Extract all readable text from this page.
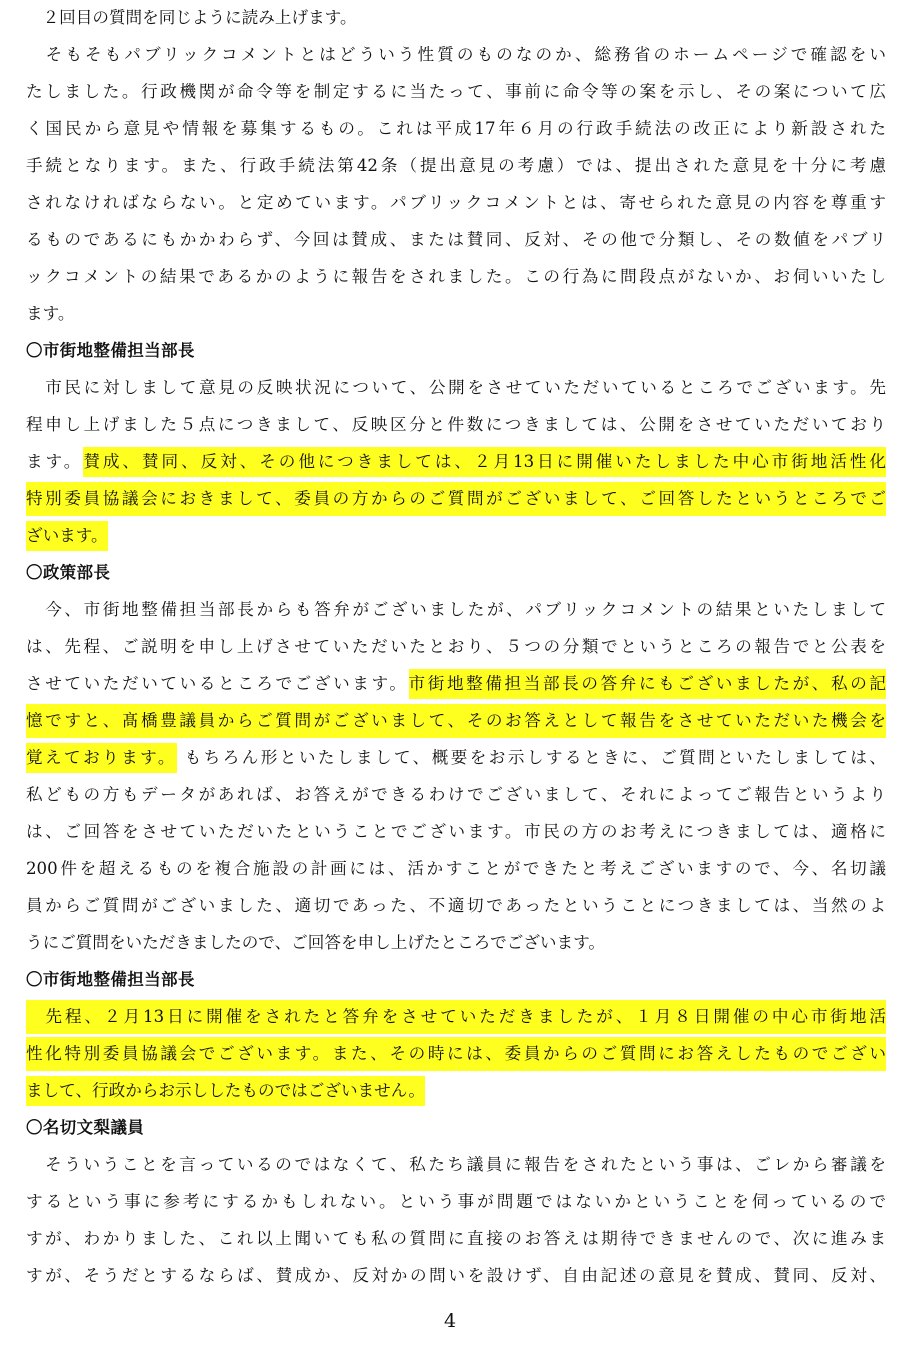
　２回目の質問を同じように読み上げます。
　そもそもパブリックコメントとはどういう性質のものなのか、総務省のホームページで確認をい
たしました。行政機関が命令等を制定するに当たって、事前に命令等の案を示し、その案について広
く国民から意見や情報を募集するもの。これは平成17年６月の行政手続法の改正により新設された
手続となります。また、行政手続法第42条（提出意見の考慮）では、提出された意見を十分に考慮
されなければならない。と定めています。パブリックコメントとは、寄せられた意見の内容を尊重す
るものであるにもかかわらず、今回は賛成、または賛同、反対、その他で分類し、その数値をパブリ
ックコメントの結果であるかのように報告をされました。この行為に問段点がないか、お伺いいたし
ます。
〇市街地整備担当部長
　市民に対しまして意見の反映状況について、公開をさせていただいているところでございます。先
程申し上げました５点につきまして、反映区分と件数につきましては、公開をさせていただいており
ます。賛成、賛同、反対、その他につきましては、２月13日に開催いたしました中心市街地活性化
特別委員協議会におきまして、委員の方からのご質問がございまして、ご回答したというところでご
ざいます。
〇政策部長
　今、市街地整備担当部長からも答弁がございましたが、パブリックコメントの結果といたしまして
は、先程、ご説明を申し上げさせていただいたとおり、５つの分類でというところの報告でと公表を
させていただいているところでございます。市街地整備担当部長の答弁にもございましたが、私の記
憶ですと、髙橋豊議員からご質問がございまして、そのお答えとして報告をさせていただいた機会を
覚えております。 もちろん形といたしまして、概要をお示しするときに、ご質問といたしましては、
私どもの方もデータがあれば、お答えができるわけでございまして、それによってご報告というより
は、ご回答をさせていただいたということでございます。市民の方のお考えにつきましては、適格に
200件を超えるものを複合施設の計画には、活かすことができたと考えございますので、今、名切議
員からご質問がございました、適切であった、不適切であったということにつきましては、当然のよ
うにご質問をいただきましたので、ご回答を申し上げたところでございます。
〇市街地整備担当部長
　先程、２月13日に開催をされたと答弁をさせていただきましたが、１月８日開催の中心市街地活
性化特別委員協議会でございます。また、その時には、委員からのご質問にお答えしたものでござい
まして、行政からお示ししたものではございません。
〇名切文梨議員
　そういうことを言っているのではなくて、私たち議員に報告をされたという事は、ごレから審議を
するという事に参考にするかもしれない。という事が問題ではないかということを伺っているので
すが、わかりました、これ以上聞いても私の質問に直接のお答えは期待できませんので、次に進みま
すが、そうだとするならば、賛成か、反対かの問いを設けず、自由記述の意見を賛成、賛同、反対、
4
